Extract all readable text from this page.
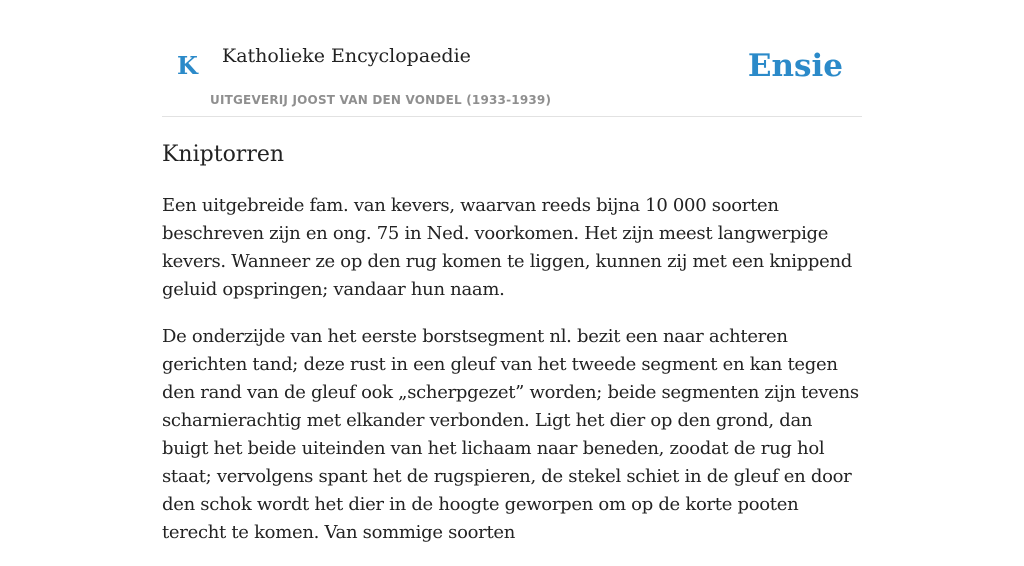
K Katholieke Encyclopaedie
UITGEVERIJ JOOST VAN DEN VONDEL (1933-1939)
Ensie
Kniptorren

Een uitgebreide fam. van kevers, waarvan reeds bijna 10 000 soorten beschreven zijn en ong. 75 in Ned. voorkomen. Het zijn meest langwerpige kevers. Wanneer ze op den rug komen te liggen, kunnen zij met een knippend geluid opspringen; vandaar hun naam.

De onderzijde van het eerste borstsegment nl. bezit een naar achteren gerichten tand; deze rust in een gleuf van het tweede segment en kan tegen den rand van de gleuf ook „scherpgezet” worden; beide segmenten zijn tevens scharnierachtig met elkander verbonden. Ligt het dier op den grond, dan buigt het beide uiteinden van het lichaam naar beneden, zoodat de rug hol staat; vervolgens spant het de rugspieren, de stekel schiet in de gleuf en door den schok wordt het dier in de hoogte geworpen om op de korte pooten terecht te komen. Van sommige soorten
